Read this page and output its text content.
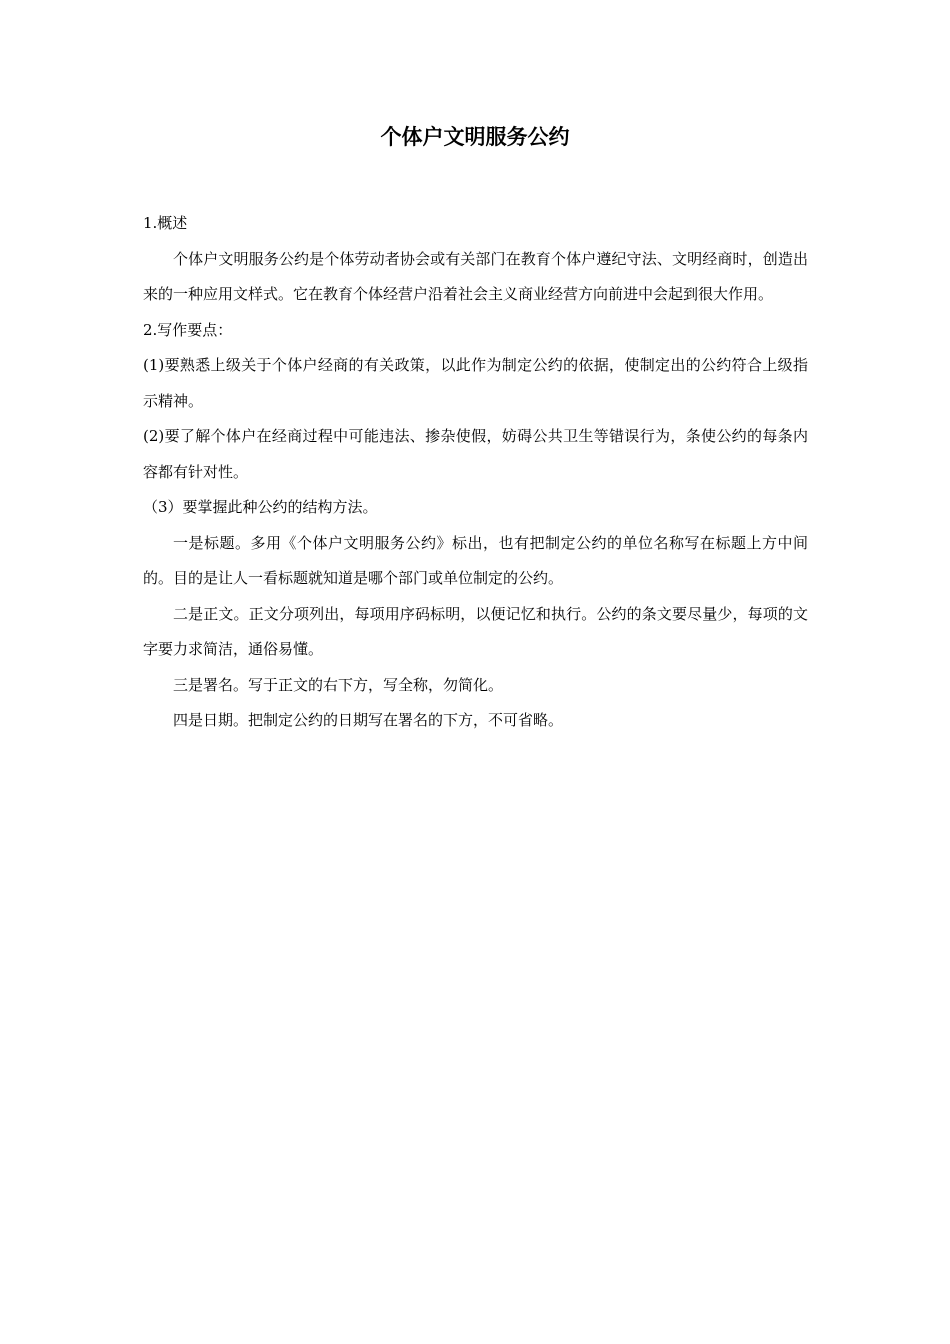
个体户文明服务公约

1.概述

个体户文明服务公约是个体劳动者协会或有关部门在教育个体户遵纪守法、文明经商时，创造出来的一种应用文样式。它在教育个体经营户沿着社会主义商业经营方向前进中会起到很大作用。

2.写作要点：

(1)要熟悉上级关于个体户经商的有关政策，以此作为制定公约的依据，使制定出的公约符合上级指示精神。

(2)要了解个体户在经商过程中可能违法、掺杂使假，妨碍公共卫生等错误行为，条使公约的每条内容都有针对性。

（3）要掌握此种公约的结构方法。

一是标题。多用《个体户文明服务公约》标出，也有把制定公约的单位名称写在标题上方中间的。目的是让人一看标题就知道是哪个部门或单位制定的公约。

二是正文。正文分项列出，每项用序码标明，以便记忆和执行。公约的条文要尽量少，每项的文字要力求简洁，通俗易懂。

三是署名。写于正文的右下方，写全称，勿简化。

四是日期。把制定公约的日期写在署名的下方，不可省略。
